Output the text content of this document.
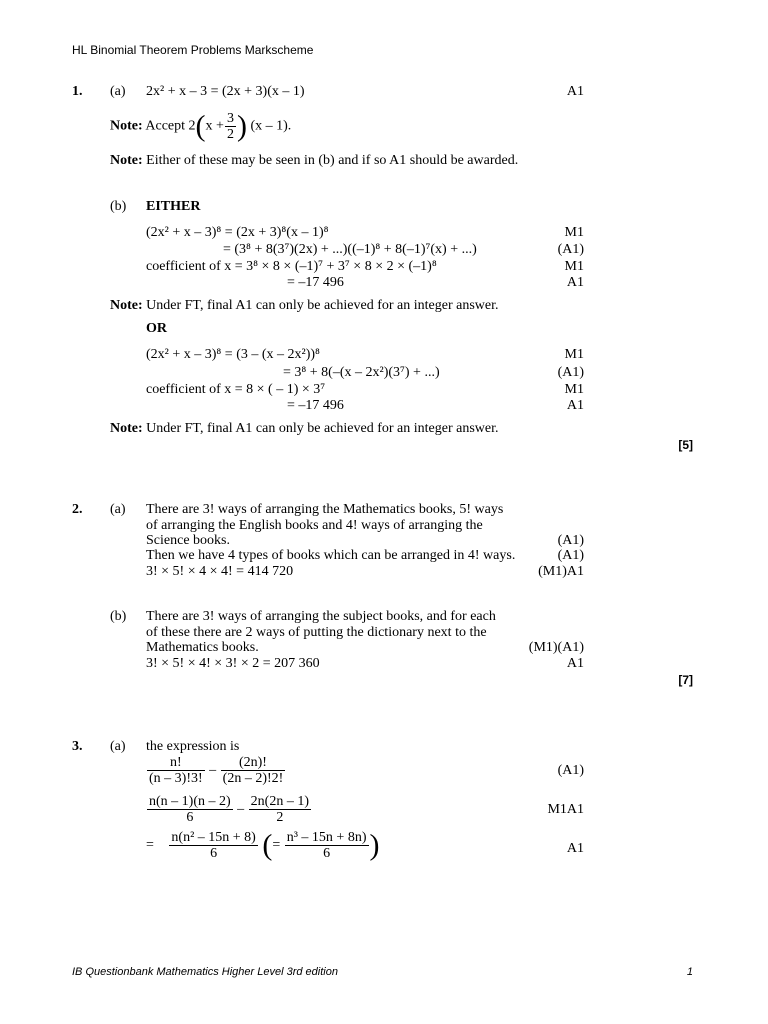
HL Binomial Theorem Problems Markscheme
1. (a) 2x² + x – 3 = (2x + 3)(x – 1)	A1
Note: Accept $2(x + \frac{3}{2}$ ) (x – 1).
Note: Either of these may be seen in (b) and if so A1 should be awarded.
(b) EITHER
(2x² + x – 3)⁸ = (2x + 3)⁸(x – 1)⁸	M1
= (3⁸ + 8(3⁷)(2x) + ...)((–1)⁸ + 8(–1)⁷(x) + ...)	(A1)
coefficient of x = 3⁸ × 8 × (–1)⁷ + 3⁷ × 8 × 2 × (–1)⁸	M1
= –17 496	A1
Note: Under FT, final A1 can only be achieved for an integer answer.
OR
(2x² + x – 3)⁸ = (3 – (x – 2x²))⁸	M1
= 3⁸ + 8(–(x – 2x²)(3⁷) + ...)	(A1)
coefficient of x = 8 × ( – 1) × 3⁷	M1
= –17 496	A1
Note: Under FT, final A1 can only be achieved for an integer answer.
[5]
2. (a) There are 3! ways of arranging the Mathematics books, 5! ways
of arranging the English books and 4! ways of arranging the
Science books.	(A1)
Then we have 4 types of books which can be arranged in 4! ways.	(A1)
3! × 5! × 4 × 4! = 414 720	(M1)A1
(b) There are 3! ways of arranging the subject books, and for each
of these there are 2 ways of putting the dictionary next to the
Mathematics books.	(M1)(A1)
3! × 5! × 4! × 3! × 2 = 207 360	A1
[7]
3. (a) the expression is
$\frac{n!}{(n - 3)!3!} - \frac{(2n)!}{(2n - 2)!2!}$	(A1)
$\frac{n(n - 1)(n - 2)}{6} - \frac{2n(2n - 1)}{2}$	M1A1
= $\frac{\text{n(n² – 15n + 8)}}{6}$ (= $\frac{\text{n³ – 15n + 8n)}}{6}$ )	A1
IB Questionbank Mathematics Higher Level 3rd edition	1
